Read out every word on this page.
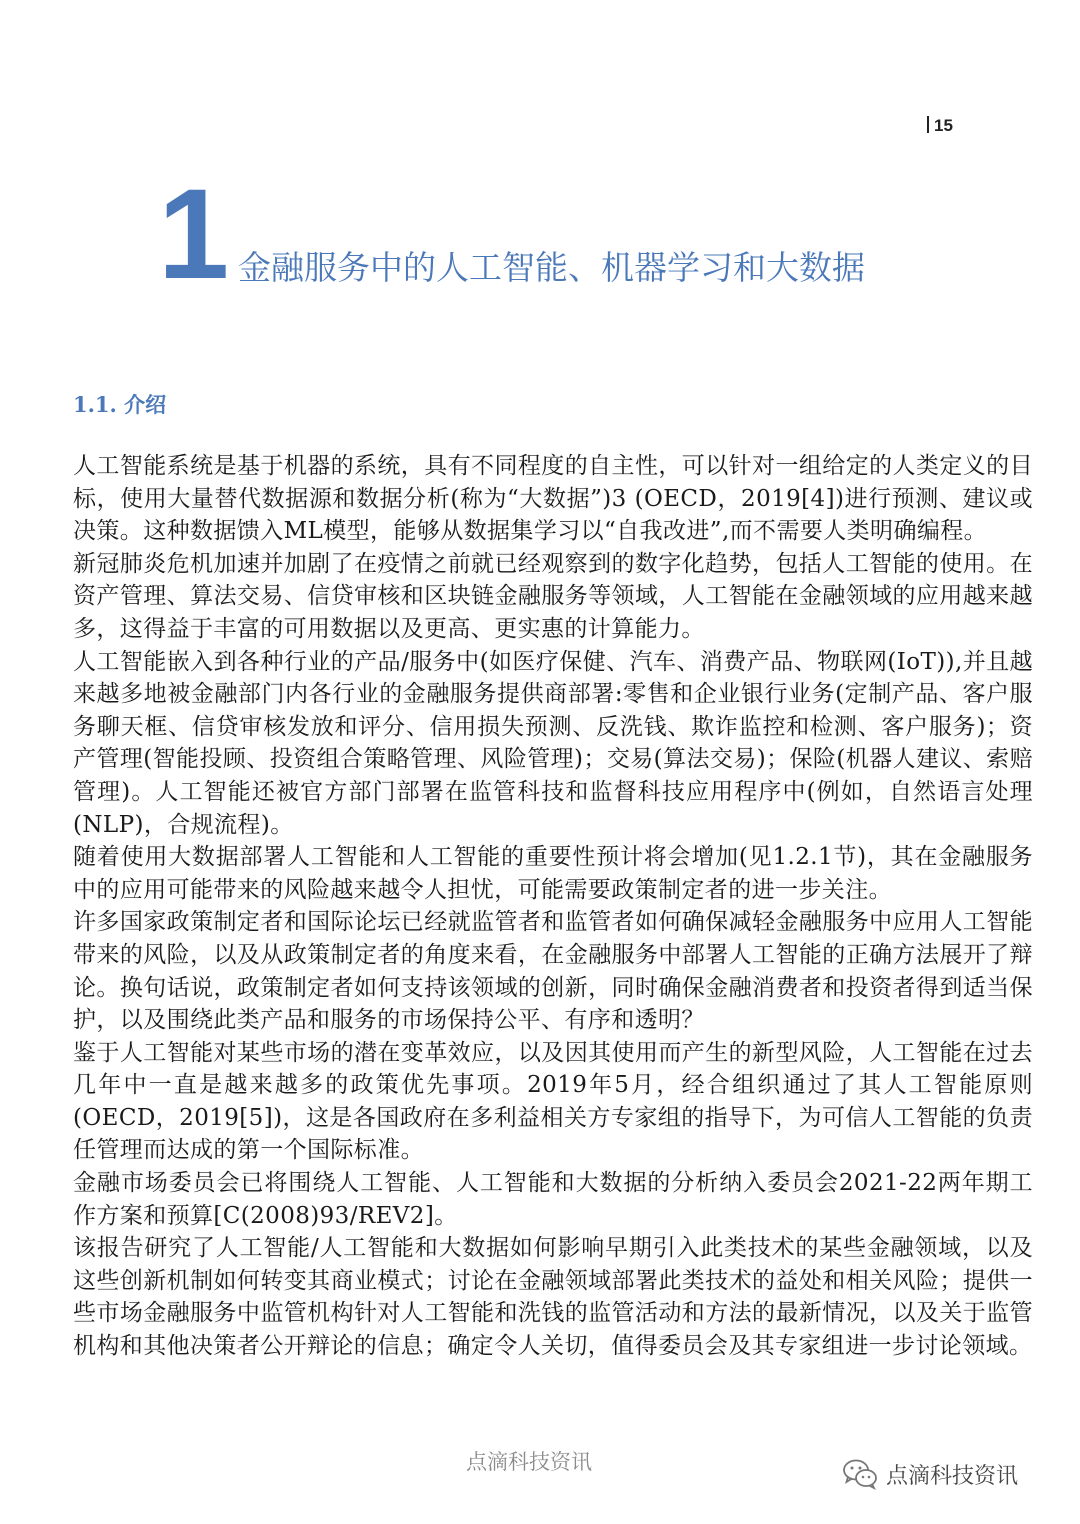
15
1 金融服务中的人工智能、机器学习和大数据
1.1. 介绍

人工智能系统是基于机器的系统，具有不同程度的自主性，可以针对一组给定的人类定义的目标，使用大量替代数据源和数据分析(称为“大数据”)3 (OECD，2019[4])进行预测、建议或决策。这种数据馈入ML模型，能够从数据集学习以“自我改进”,而不需要人类明确编程。

新冠肺炎危机加速并加剧了在疫情之前就已经观察到的数字化趋势，包括人工智能的使用。在资产管理、算法交易、信贷审核和区块链金融服务等领域，人工智能在金融领域的应用越来越多，这得益于丰富的可用数据以及更高、更实惠的计算能力。

人工智能嵌入到各种行业的产品/服务中(如医疗保健、汽车、消费产品、物联网(IoT)),并且越来越多地被金融部门内各行业的金融服务提供商部署:零售和企业银行业务(定制产品、客户服务聊天框、信贷审核发放和评分、信用损失预测、反洗钱、欺诈监控和检测、客户服务)；资产管理(智能投顾、投资组合策略管理、风险管理)；交易(算法交易)；保险(机器人建议、索赔管理)。人工智能还被官方部门部署在监管科技和监督科技应用程序中(例如，自然语言处理(NLP)，合规流程)。

随着使用大数据部署人工智能和人工智能的重要性预计将会增加(见1.2.1节)，其在金融服务中的应用可能带来的风险越来越令人担忧，可能需要政策制定者的进一步关注。

许多国家政策制定者和国际论坛已经就监管者和监管者如何确保减轻金融服务中应用人工智能带来的风险，以及从政策制定者的角度来看，在金融服务中部署人工智能的正确方法展开了辩论。换句话说，政策制定者如何支持该领域的创新，同时确保金融消费者和投资者得到适当保护，以及围绕此类产品和服务的市场保持公平、有序和透明？

鉴于人工智能对某些市场的潜在变革效应，以及因其使用而产生的新型风险，人工智能在过去几年中一直是越来越多的政策优先事项。2019年5月，经合组织通过了其人工智能原则(OECD，2019[5])，这是各国政府在多利益相关方专家组的指导下，为可信人工智能的负责任管理而达成的第一个国际标准。

金融市场委员会已将围绕人工智能、人工智能和大数据的分析纳入委员会2021-22两年期工作方案和预算[C(2008)93/REV2]。

该报告研究了人工智能/人工智能和大数据如何影响早期引入此类技术的某些金融领域，以及这些创新机制如何转变其商业模式；讨论在金融领域部署此类技术的益处和相关风险；提供一些市场金融服务中监管机构针对人工智能和洗钱的监管活动和方法的最新情况，以及关于监管机构和其他决策者公开辩论的信息；确定令人关切，值得委员会及其专家组进一步讨论领域。

点滴科技资讯
点滴科技资讯
